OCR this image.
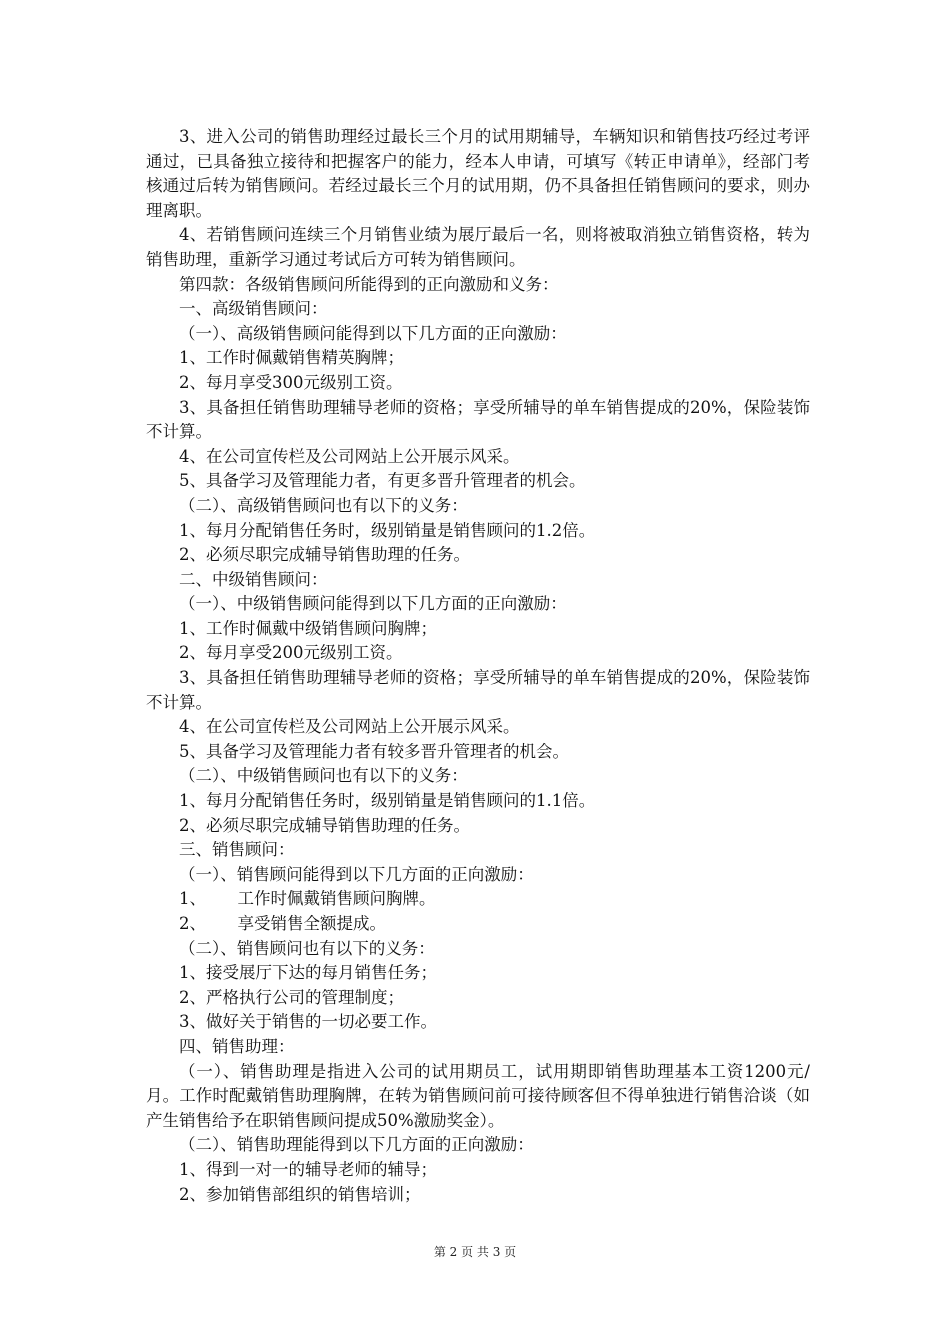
3、进入公司的销售助理经过最长三个月的试用期辅导，车辆知识和销售技巧经过考评通过，已具备独立接待和把握客户的能力，经本人申请，可填写《转正申请单》，经部门考核通过后转为销售顾问。若经过最长三个月的试用期，仍不具备担任销售顾问的要求，则办理离职。

4、若销售顾问连续三个月销售业绩为展厅最后一名，则将被取消独立销售资格，转为销售助理，重新学习通过考试后方可转为销售顾问。

第四款：各级销售顾问所能得到的正向激励和义务：

一、高级销售顾问：

（一）、高级销售顾问能得到以下几方面的正向激励：

1、工作时佩戴销售精英胸牌；

2、每月享受300元级别工资。

3、具备担任销售助理辅导老师的资格；享受所辅导的单车销售提成的20%，保险装饰不计算。

4、在公司宣传栏及公司网站上公开展示风采。

5、具备学习及管理能力者，有更多晋升管理者的机会。

（二）、高级销售顾问也有以下的义务：

1、每月分配销售任务时，级别销量是销售顾问的1.2倍。

2、必须尽职完成辅导销售助理的任务。

二、中级销售顾问：

（一）、中级销售顾问能得到以下几方面的正向激励：

1、工作时佩戴中级销售顾问胸牌；

2、每月享受200元级别工资。

3、具备担任销售助理辅导老师的资格；享受所辅导的单车销售提成的20%，保险装饰不计算。

4、在公司宣传栏及公司网站上公开展示风采。

5、具备学习及管理能力者有较多晋升管理者的机会。

（二）、中级销售顾问也有以下的义务：

1、每月分配销售任务时，级别销量是销售顾问的1.1倍。

2、必须尽职完成辅导销售助理的任务。

三、销售顾问：

（一）、销售顾问能得到以下几方面的正向激励：

1、      工作时佩戴销售顾问胸牌。

2、      享受销售全额提成。

（二）、销售顾问也有以下的义务：

1、接受展厅下达的每月销售任务；

2、严格执行公司的管理制度；

3、做好关于销售的一切必要工作。

四、销售助理：

（一）、销售助理是指进入公司的试用期员工，试用期即销售助理基本工资1200元/月。工作时配戴销售助理胸牌，在转为销售顾问前可接待顾客但不得单独进行销售洽谈（如产生销售给予在职销售顾问提成50%激励奖金）。

（二）、销售助理能得到以下几方面的正向激励：

1、得到一对一的辅导老师的辅导；

2、参加销售部组织的销售培训；

第 2 页 共 3 页
